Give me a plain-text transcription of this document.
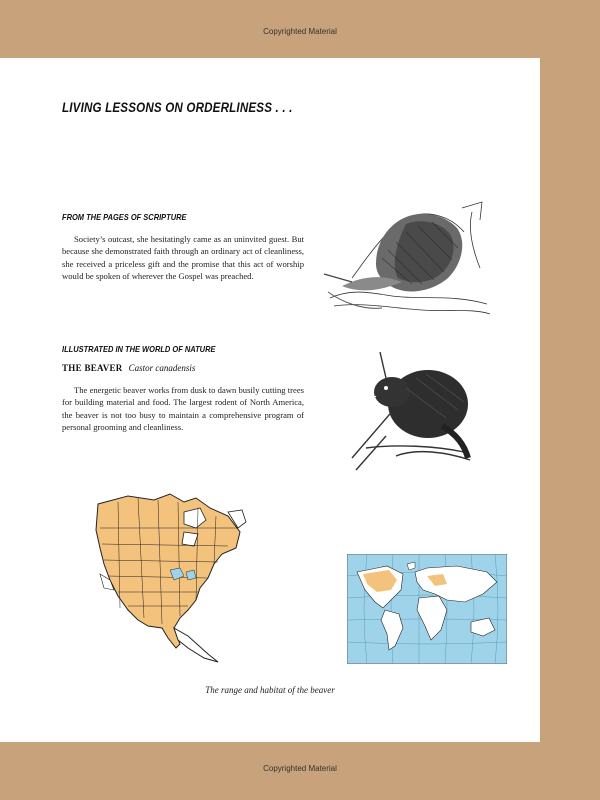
Copyrighted Material
LIVING LESSONS ON ORDERLINESS . . .
FROM THE PAGES OF SCRIPTURE

Society’s outcast, she hesitatingly came as an uninvited guest. But because she demonstrated faith through an ordinary act of cleanliness, she received a priceless gift and the promise that this act of worship would be spoken of wherever the Gospel was preached.

ILLUSTRATED IN THE WORLD OF NATURE
THE BEAVER Castor canadensis

The energetic beaver works from dusk to dawn busily cutting trees for building material and food. The largest rodent of North America, the beaver is not too busy to maintain a comprehensive program of personal grooming and cleanliness.

The range and habitat of the beaver
Copyrighted Material
